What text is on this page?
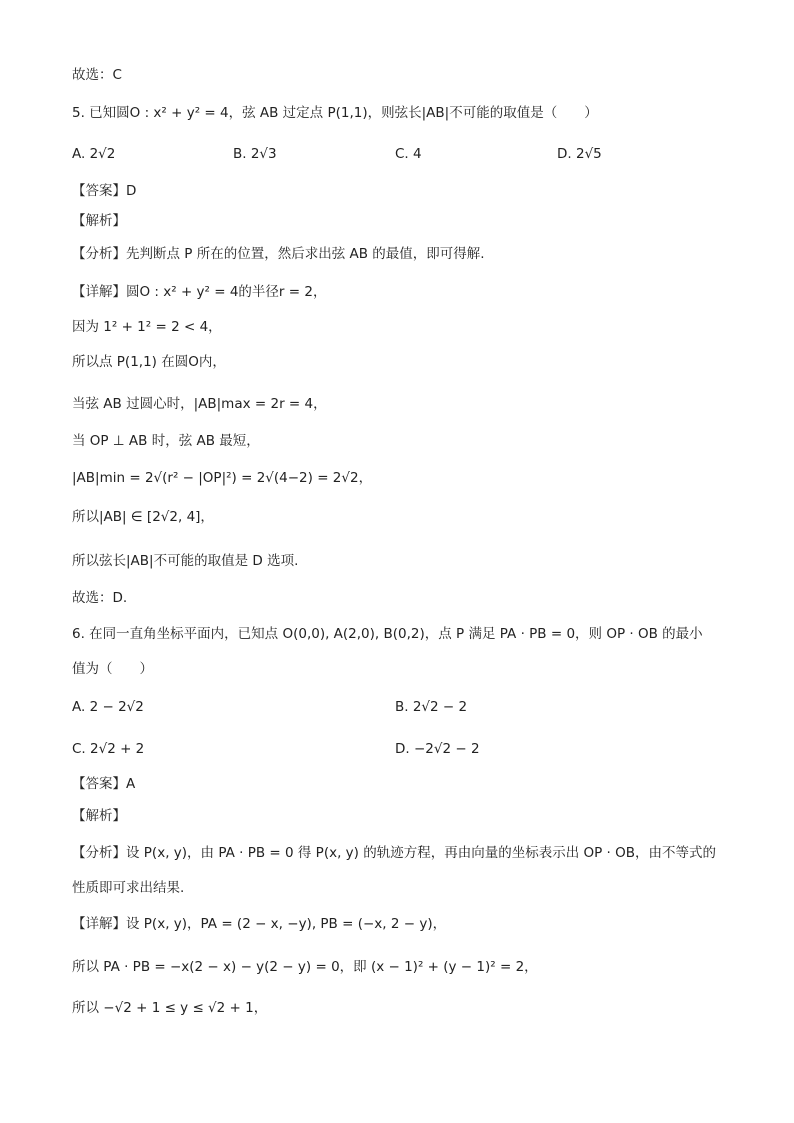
故选：C
5. 已知圆O : x² + y² = 4，弦 AB 过定点 P(1,1)，则弦长|AB|不可能的取值是（　　）
A. 2√2	B. 2√3	C. 4	D. 2√5
【答案】D
【解析】
【分析】先判断点 P 所在的位置，然后求出弦 AB 的最值，即可得解.
【详解】圆O : x² + y² = 4的半径r = 2，
因为 1² + 1² = 2 < 4，
所以点 P(1,1) 在圆O内，
当弦 AB 过圆心时，|AB|max = 2r = 4，
当 OP ⊥ AB 时，弦 AB 最短，
|AB|min = 2√(r² − |OP|²) = 2√(4−2) = 2√2，
所以|AB| ∈ [2√2, 4]，
所以弦长|AB|不可能的取值是 D 选项.
故选：D.
6. 在同一直角坐标平面内，已知点 O(0,0), A(2,0), B(0,2)，点 P 满足 PA · PB = 0，则 OP · OB 的最小
值为（　　）
A. 2 − 2√2	B. 2√2 − 2
C. 2√2 + 2	D. −2√2 − 2
【答案】A
【解析】
【分析】设 P(x, y)，由 PA · PB = 0 得 P(x, y) 的轨迹方程，再由向量的坐标表示出 OP · OB，由不等式的
性质即可求出结果.
【详解】设 P(x, y)，PA = (2 − x, −y), PB = (−x, 2 − y)，
所以 PA · PB = −x(2 − x) − y(2 − y) = 0，即 (x − 1)² + (y − 1)² = 2，
所以 −√2 + 1 ≤ y ≤ √2 + 1，
